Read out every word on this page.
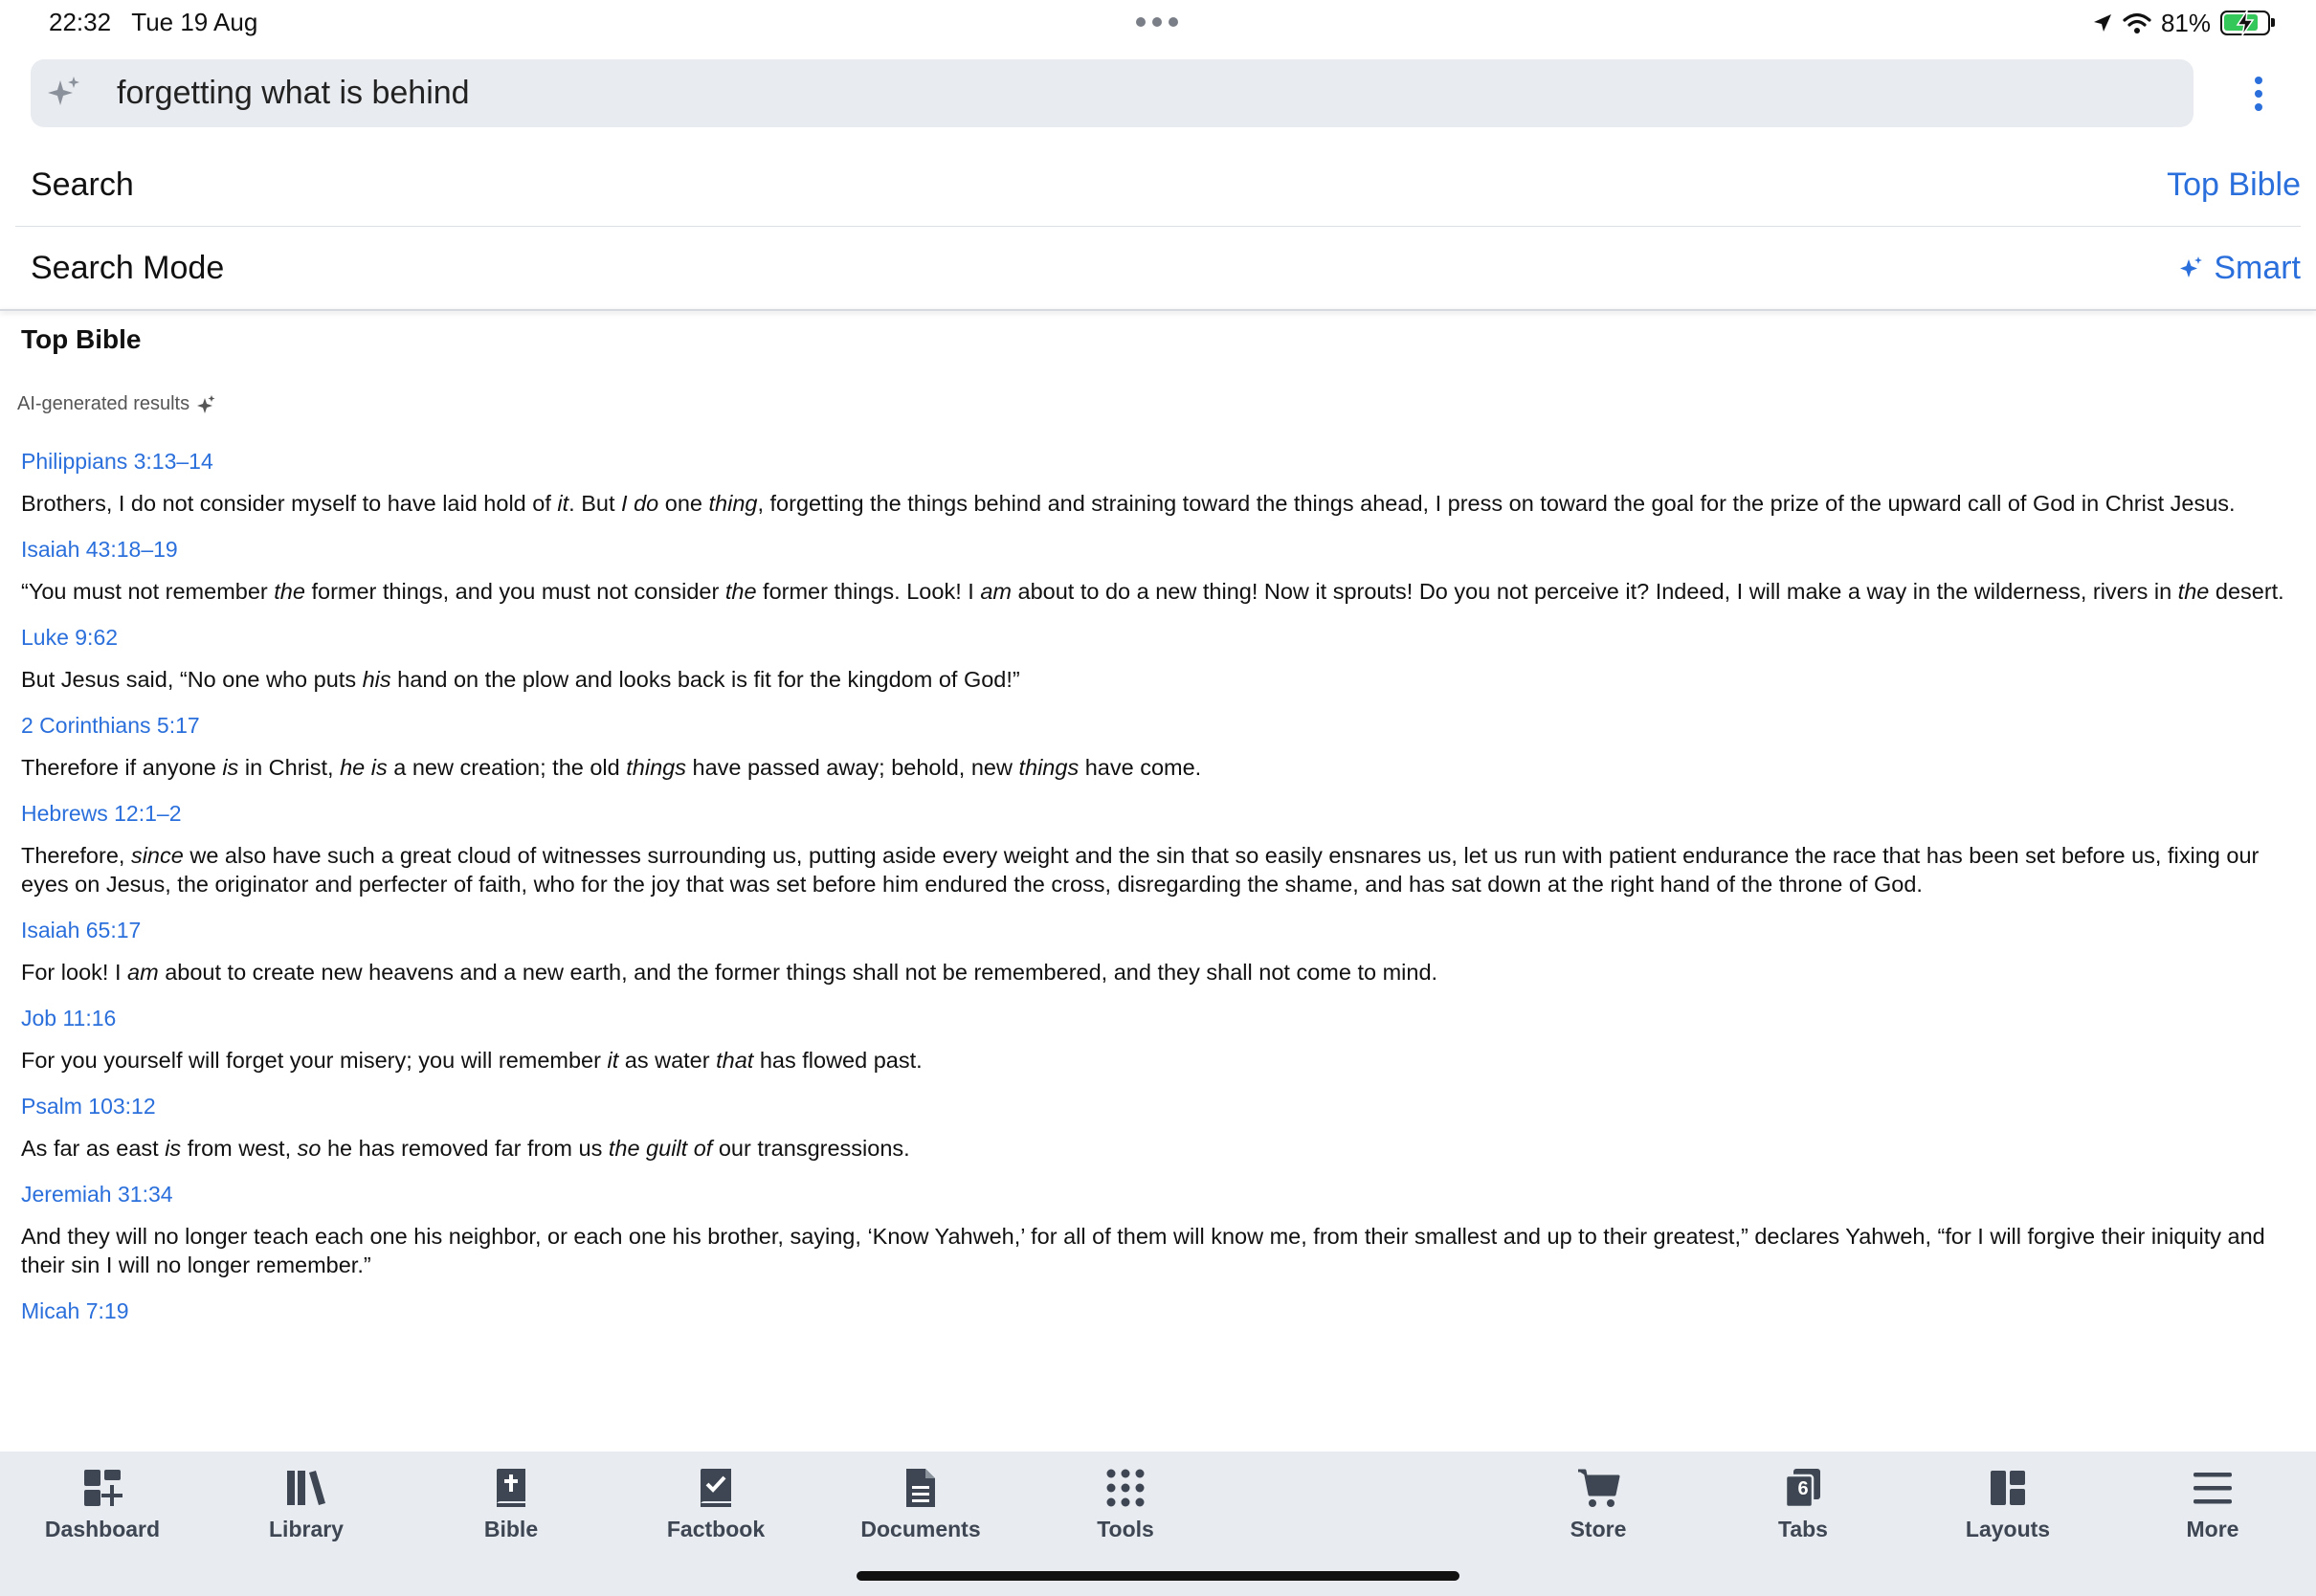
22:32 Tue 19 Aug	81%
forgetting what is behind
Search	Top Bible
Search Mode	Smart
Top Bible
AI-generated results
Philippians 3:13–14
Brothers, I do not consider myself to have laid hold of it. But I do one thing, forgetting the things behind and straining toward the things ahead, I press on toward the goal for the prize of the upward call of God in Christ Jesus.
Isaiah 43:18–19
“You must not remember the former things, and you must not consider the former things. Look! I am about to do a new thing! Now it sprouts! Do you not perceive it? Indeed, I will make a way in the wilderness, rivers in the desert.
Luke 9:62
But Jesus said, “No one who puts his hand on the plow and looks back is fit for the kingdom of God!”
2 Corinthians 5:17
Therefore if anyone is in Christ, he is a new creation; the old things have passed away; behold, new things have come.
Hebrews 12:1–2
Therefore, since we also have such a great cloud of witnesses surrounding us, putting aside every weight and the sin that so easily ensnares us, let us run with patient endurance the race that has been set before us, fixing our eyes on Jesus, the originator and perfecter of faith, who for the joy that was set before him endured the cross, disregarding the shame, and has sat down at the right hand of the throne of God.
Isaiah 65:17
For look! I am about to create new heavens and a new earth, and the former things shall not be remembered, and they shall not come to mind.
Job 11:16
For you yourself will forget your misery; you will remember it as water that has flowed past.
Psalm 103:12
As far as east is from west, so he has removed far from us the guilt of our transgressions.
Jeremiah 31:34
And they will no longer teach each one his neighbor, or each one his brother, saying, ‘Know Yahweh,’ for all of them will know me, from their smallest and up to their greatest,” declares Yahweh, “for I will forgive their iniquity and their sin I will no longer remember.”
Micah 7:19
Dashboard	Library	Bible	Factbook	Documents	Tools	Store
6
Tabs	Layouts	More
